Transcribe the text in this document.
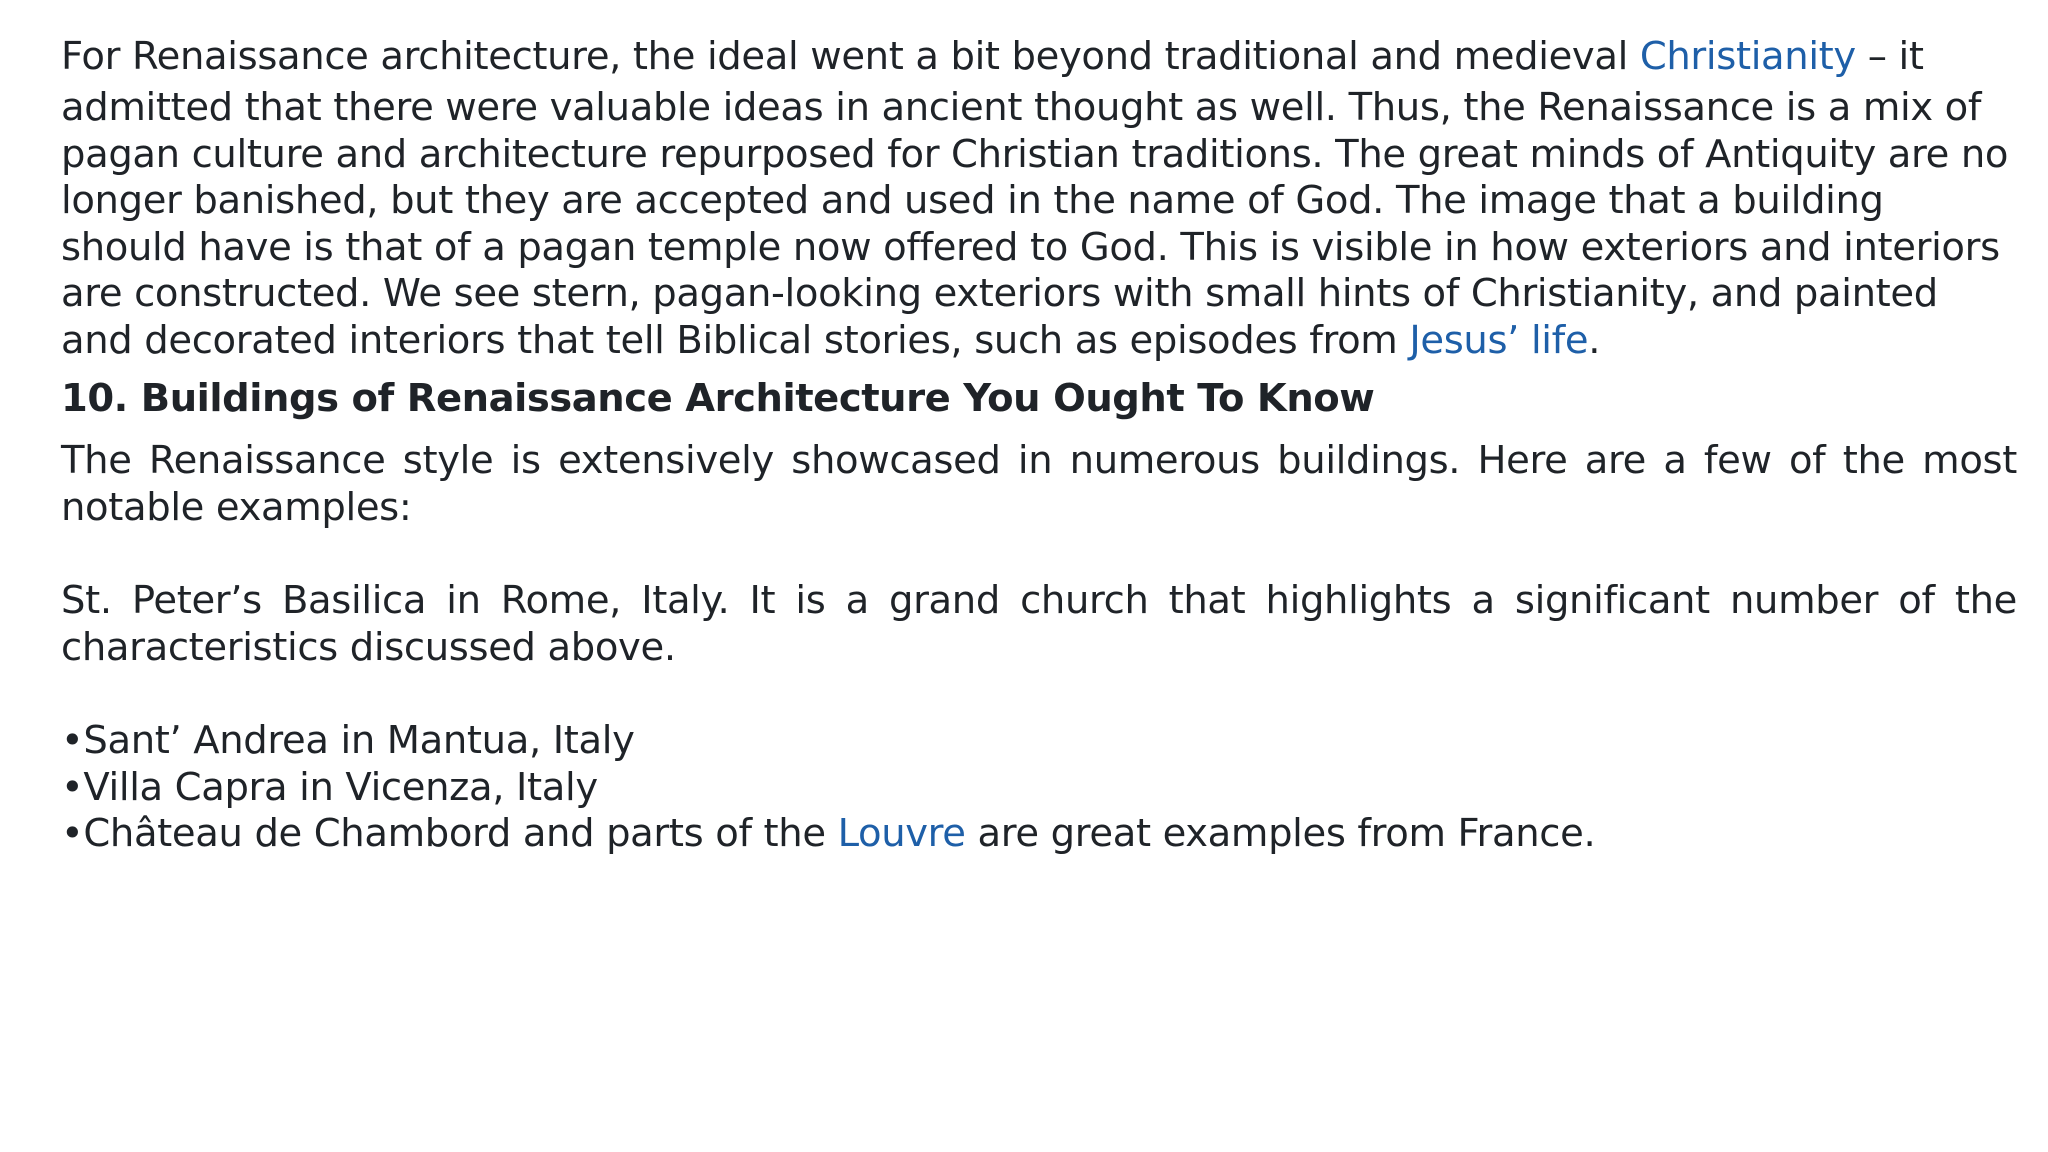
For Renaissance architecture, the ideal went a bit beyond traditional and medieval Christianity – it
admitted that there were valuable ideas in ancient thought as well. Thus, the Renaissance is a mix of pagan culture and architecture repurposed for Christian traditions. The great minds of Antiquity are no longer banished, but they are accepted and used in the name of God. The image that a building should have is that of a pagan temple now offered to God. This is visible in how exteriors and interiors are constructed. We see stern, pagan-looking exteriors with small hints of Christianity, and painted and decorated interiors that tell Biblical stories, such as episodes from Jesus’ life.

10. Buildings of Renaissance Architecture You Ought To Know

The Renaissance style is extensively showcased in numerous buildings. Here are a few of the most notable examples:

St. Peter’s Basilica in Rome, Italy. It is a grand church that highlights a significant number of the characteristics discussed above.

•Sant’ Andrea in Mantua, Italy
•Villa Capra in Vicenza, Italy
•Château de Chambord and parts of the Louvre are great examples from France.
